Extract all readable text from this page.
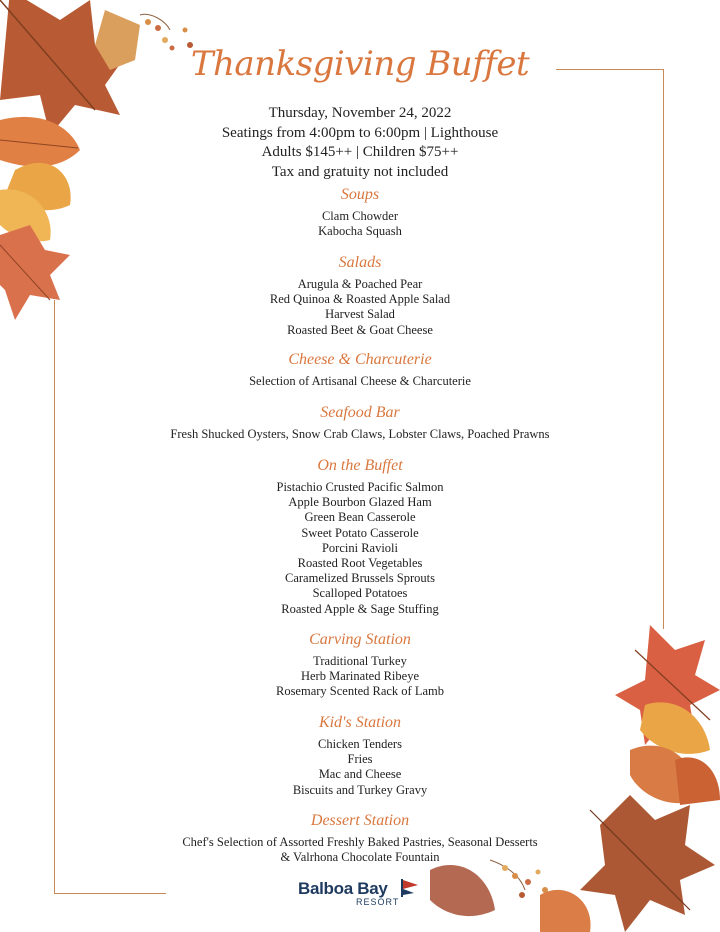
Thanksgiving Buffet
Thursday, November 24, 2022
Seatings from 4:00pm to 6:00pm | Lighthouse
Adults $145++ | Children $75++
Tax and gratuity not included
Soups
Clam Chowder
Kabocha Squash
Salads
Arugula & Poached Pear
Red Quinoa & Roasted Apple Salad
Harvest Salad
Roasted Beet & Goat Cheese
Cheese & Charcuterie
Selection of Artisanal Cheese & Charcuterie
Seafood Bar
Fresh Shucked Oysters, Snow Crab Claws, Lobster Claws, Poached Prawns
On the Buffet
Pistachio Crusted Pacific Salmon
Apple Bourbon Glazed Ham
Green Bean Casserole
Sweet Potato Casserole
Porcini Ravioli
Roasted Root Vegetables
Caramelized Brussels Sprouts
Scalloped Potatoes
Roasted Apple & Sage Stuffing
Carving Station
Traditional Turkey
Herb Marinated Ribeye
Rosemary Scented Rack of Lamb
Kid's Station
Chicken Tenders
Fries
Mac and Cheese
Biscuits and Turkey Gravy
Dessert Station
Chef's Selection of Assorted Freshly Baked Pastries, Seasonal Desserts
& Valrhona Chocolate Fountain
Balboa Bay
RESORT
